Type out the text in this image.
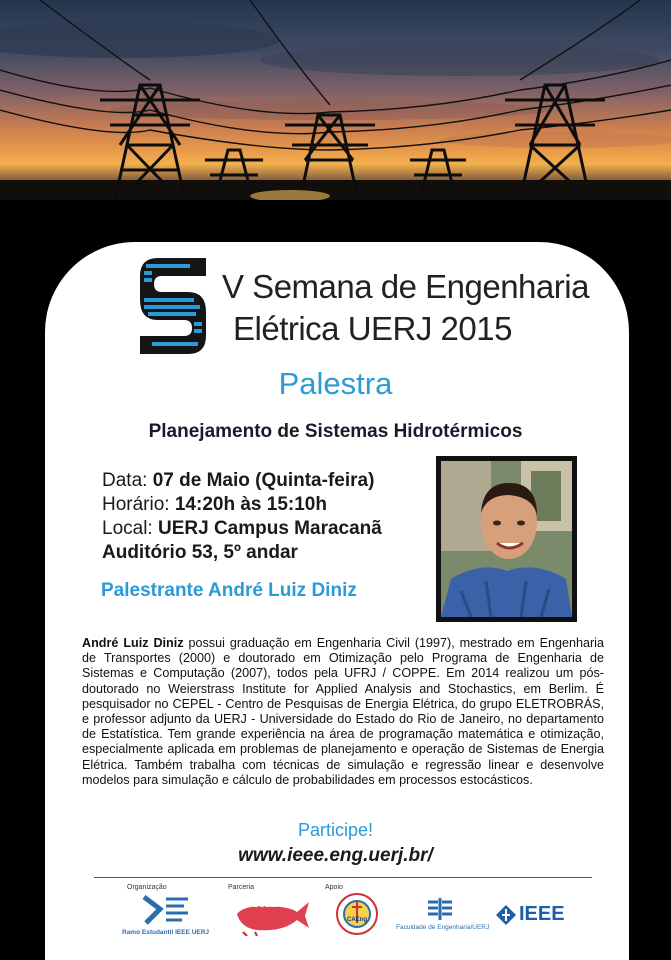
V Semana de Engenharia
Elétrica UERJ 2015
Palestra
Planejamento de Sistemas Hidrotérmicos
Data: 07 de Maio (Quinta-feira)
Horário: 14:20h às 15:10h
Local: UERJ Campus Maracanã
Auditório 53, 5º andar
Palestrante André Luiz Diniz
André Luiz Diniz possui graduação em Engenharia Civil (1997), mestrado em Engenharia de Transportes (2000) e doutorado em Otimização pelo Programa de Engenharia de Sistemas e Computação (2007), todos pela UFRJ / COPPE. Em 2014 realizou um pós-doutorado no Weierstrass Institute for Applied Analysis and Stochastics, em Berlim. É pesquisador no CEPEL - Centro de Pesquisas de Energia Elétrica, do grupo ELETROBRÁS, e professor adjunto da UERJ - Universidade do Estado do Rio de Janeiro, no departamento de Estatística. Tem grande experiência na área de programação matemática e otimização, especialmente aplicada em problemas de planejamento e operação de Sistemas de Energia Elétrica. Também trabalha com técnicas de simulação e regressão linear e desenvolve modelos para simulação e cálculo de probabilidades em processos estocásticos.
Participe!
www.ieee.eng.uerj.br/
Organização	Parceria	Apoio
Ramo Estudantil IEEE UERJ
MOBGEEK
CAEng
Faculdade de Engenharia/UERJ
IEEE
